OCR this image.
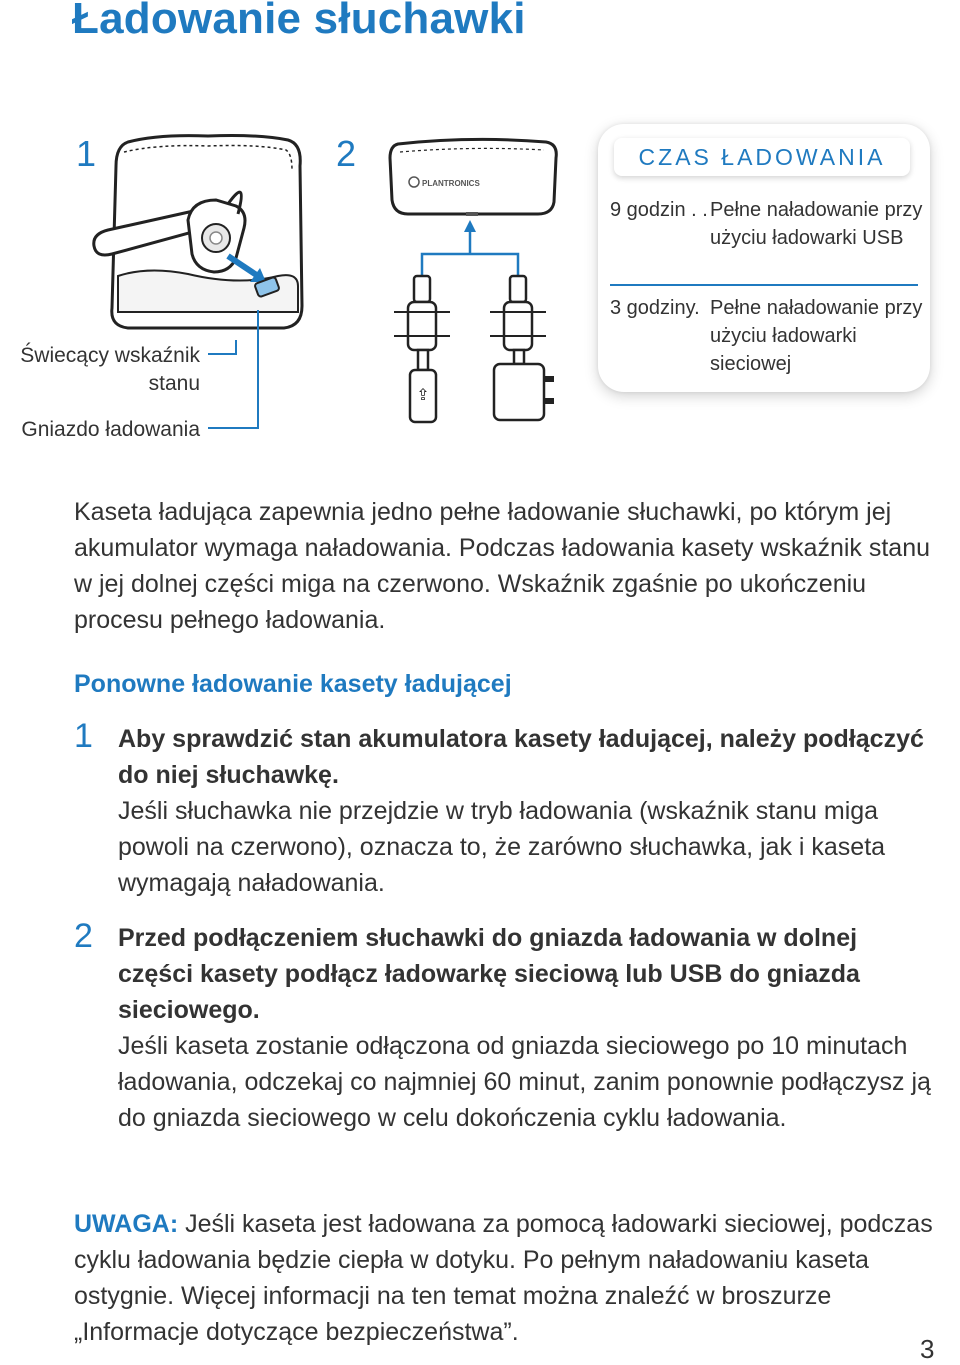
Ładowanie słuchawki
1	2
Świecący wskaźnik stanu
Gniazdo ładowania
PLANTRONICS
⇪
CZAS ŁADOWANIA
9 godzin . . Pełne naładowanie przy użyciu ładowarki USB
3 godziny. Pełne naładowanie przy użyciu ładowarki sieciowej

Kaseta ładująca zapewnia jedno pełne ładowanie słuchawki, po którym jej akumulator wymaga naładowania. Podczas ładowania kasety wskaźnik stanu w jej dolnej części miga na czerwono. Wskaźnik zgaśnie po ukończeniu procesu pełnego ładowania.

Ponowne ładowanie kasety ładującej
1 Aby sprawdzić stan akumulatora kasety ładującej, należy podłączyć do niej słuchawkę.

Jeśli słuchawka nie przejdzie w tryb ładowania (wskaźnik stanu miga powoli na czerwono), oznacza to, że zarówno słuchawka, jak i kaseta wymagają naładowania.

2 Przed podłączeniem słuchawki do gniazda ładowania w dolnej części kasety podłącz ładowarkę sieciową lub USB do gniazda sieciowego.

Jeśli kaseta zostanie odłączona od gniazda sieciowego po 10 minutach ładowania, odczekaj co najmniej 60 minut, zanim ponownie podłączysz ją do gniazda sieciowego w celu dokończenia cyklu ładowania.

UWAGA: Jeśli kaseta jest ładowana za pomocą ładowarki sieciowej, podczas cyklu ładowania będzie ciepła w dotyku. Po pełnym naładowaniu kaseta ostygnie. Więcej informacji na ten temat można znaleźć w broszurze „Informacje dotyczące bezpieczeństwa”.

3
